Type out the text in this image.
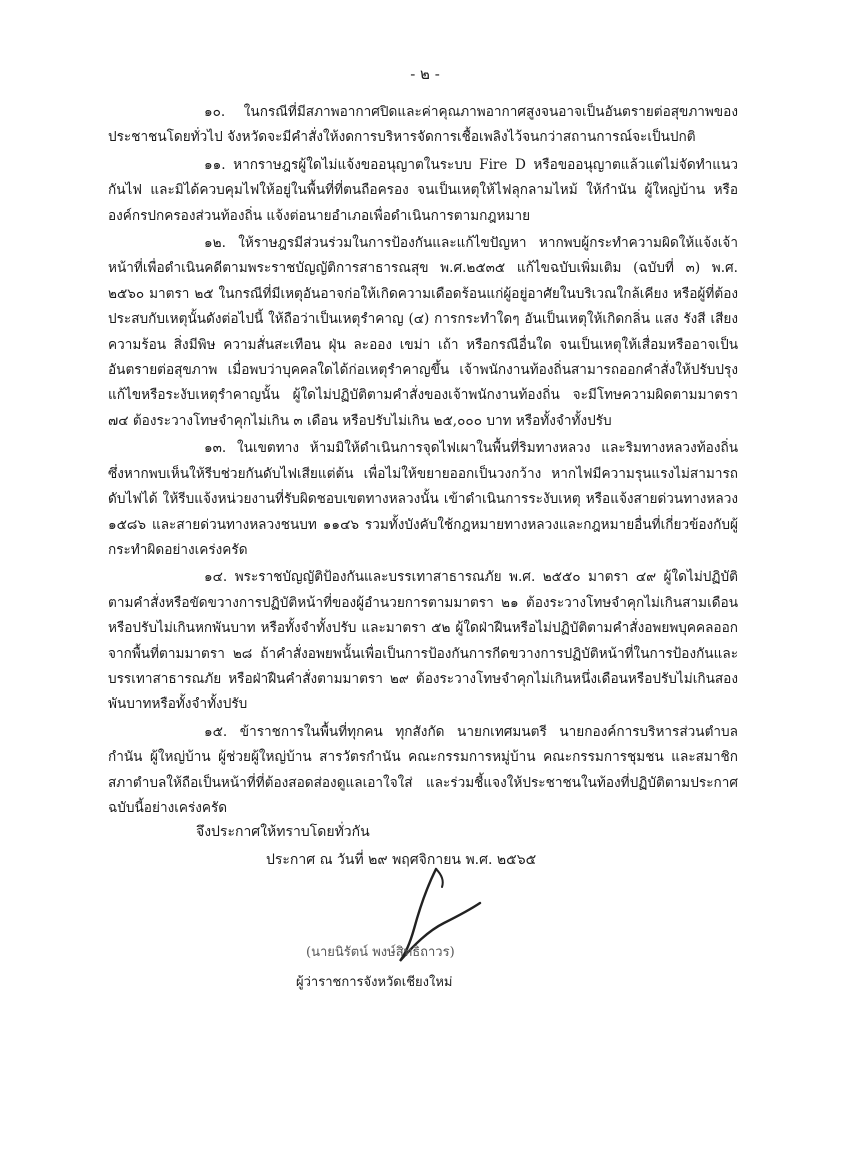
- ๒ -

๑๐. ในกรณีที่มีสภาพอากาศปิดและค่าคุณภาพอากาศสูงจนอาจเป็นอันตรายต่อสุขภาพของประชาชนโดยทั่วไป จังหวัดจะมีคำสั่งให้งดการบริหารจัดการเชื้อเพลิงไว้จนกว่าสถานการณ์จะเป็นปกติ

๑๑. หากราษฎรผู้ใดไม่แจ้งขออนุญาตในระบบ Fire D หรือขออนุญาตแล้วแต่ไม่จัดทำแนวกันไฟ และมิได้ควบคุมไฟให้อยู่ในพื้นที่ที่ตนถือครอง จนเป็นเหตุให้ไฟลุกลามไหม้ ให้กำนัน ผู้ใหญ่บ้าน หรือองค์กรปกครองส่วนท้องถิ่น แจ้งต่อนายอำเภอเพื่อดำเนินการตามกฎหมาย

๑๒. ให้ราษฎรมีส่วนร่วมในการป้องกันและแก้ไขปัญหา หากพบผู้กระทำความผิดให้แจ้งเจ้าหน้าที่เพื่อดำเนินคดีตามพระราชบัญญัติการสาธารณสุข พ.ศ.๒๕๓๕ แก้ไขฉบับเพิ่มเติม (ฉบับที่ ๓) พ.ศ. ๒๕๖๐ มาตรา ๒๕ ในกรณีที่มีเหตุอันอาจก่อให้เกิดความเดือดร้อนแก่ผู้อยู่อาศัยในบริเวณใกล้เคียง หรือผู้ที่ต้องประสบกับเหตุนั้นดังต่อไปนี้ ให้ถือว่าเป็นเหตุรำคาญ (๔) การกระทำใดๆ อันเป็นเหตุให้เกิดกลิ่น แสง รังสี เสียง ความร้อน สิ่งมีพิษ ความสั่นสะเทือน ฝุ่น ละออง เขม่า เถ้า หรือกรณีอื่นใด จนเป็นเหตุให้เสื่อมหรืออาจเป็นอันตรายต่อสุขภาพ เมื่อพบว่าบุคคลใดได้ก่อเหตุรำคาญขึ้น เจ้าพนักงานท้องถิ่นสามารถออกคำสั่งให้ปรับปรุงแก้ไขหรือระงับเหตุรำคาญนั้น ผู้ใดไม่ปฏิบัติตามคำสั่งของเจ้าพนักงานท้องถิ่น จะมีโทษความผิดตามมาตรา ๗๔ ต้องระวางโทษจำคุกไม่เกิน ๓ เดือน หรือปรับไม่เกิน ๒๕,๐๐๐ บาท หรือทั้งจำทั้งปรับ

๑๓. ในเขตทาง ห้ามมิให้ดำเนินการจุดไฟเผาในพื้นที่ริมทางหลวง และริมทางหลวงท้องถิ่น ซึ่งหากพบเห็นให้รีบช่วยกันดับไฟเสียแต่ต้น เพื่อไม่ให้ขยายออกเป็นวงกว้าง หากไฟมีความรุนแรงไม่สามารถดับไฟได้ ให้รีบแจ้งหน่วยงานที่รับผิดชอบเขตทางหลวงนั้น เข้าดำเนินการระงับเหตุ หรือแจ้งสายด่วนทางหลวง ๑๕๘๖ และสายด่วนทางหลวงชนบท ๑๑๔๖ รวมทั้งบังคับใช้กฎหมายทางหลวงและกฎหมายอื่นที่เกี่ยวข้องกับผู้กระทำผิดอย่างเคร่งครัด

๑๔. พระราชบัญญัติป้องกันและบรรเทาสาธารณภัย พ.ศ. ๒๕๕๐ มาตรา ๔๙ ผู้ใดไม่ปฏิบัติตามคำสั่งหรือขัดขวางการปฏิบัติหน้าที่ของผู้อำนวยการตามมาตรา ๒๑ ต้องระวางโทษจำคุกไม่เกินสามเดือน หรือปรับไม่เกินหกพันบาท หรือทั้งจำทั้งปรับ และมาตรา ๕๒ ผู้ใดฝ่าฝืนหรือไม่ปฏิบัติตามคำสั่งอพยพบุคคลออกจากพื้นที่ตามมาตรา ๒๘ ถ้าคำสั่งอพยพนั้นเพื่อเป็นการป้องกันการกีดขวางการปฏิบัติหน้าที่ในการป้องกันและบรรเทาสาธารณภัย หรือฝ่าฝืนคำสั่งตามมาตรา ๒๙ ต้องระวางโทษจำคุกไม่เกินหนึ่งเดือนหรือปรับไม่เกินสองพันบาทหรือทั้งจำทั้งปรับ

๑๕. ข้าราชการในพื้นที่ทุกคน ทุกสังกัด นายกเทศมนตรี นายกองค์การบริหารส่วนตำบล กำนัน ผู้ใหญ่บ้าน ผู้ช่วยผู้ใหญ่บ้าน สารวัตรกำนัน คณะกรรมการหมู่บ้าน คณะกรรมการชุมชน และสมาชิกสภาตำบลให้ถือเป็นหน้าที่ที่ต้องสอดส่องดูแลเอาใจใส่ และร่วมชี้แจงให้ประชาชนในท้องที่ปฏิบัติตามประกาศฉบับนี้อย่างเคร่งครัด

จึงประกาศให้ทราบโดยทั่วกัน
ประกาศ ณ วันที่ ๒๙ พฤศจิกายน พ.ศ. ๒๕๖๕
(นายนิรัตน์ พงษ์สิทธิถาวร)
ผู้ว่าราชการจังหวัดเชียงใหม่
